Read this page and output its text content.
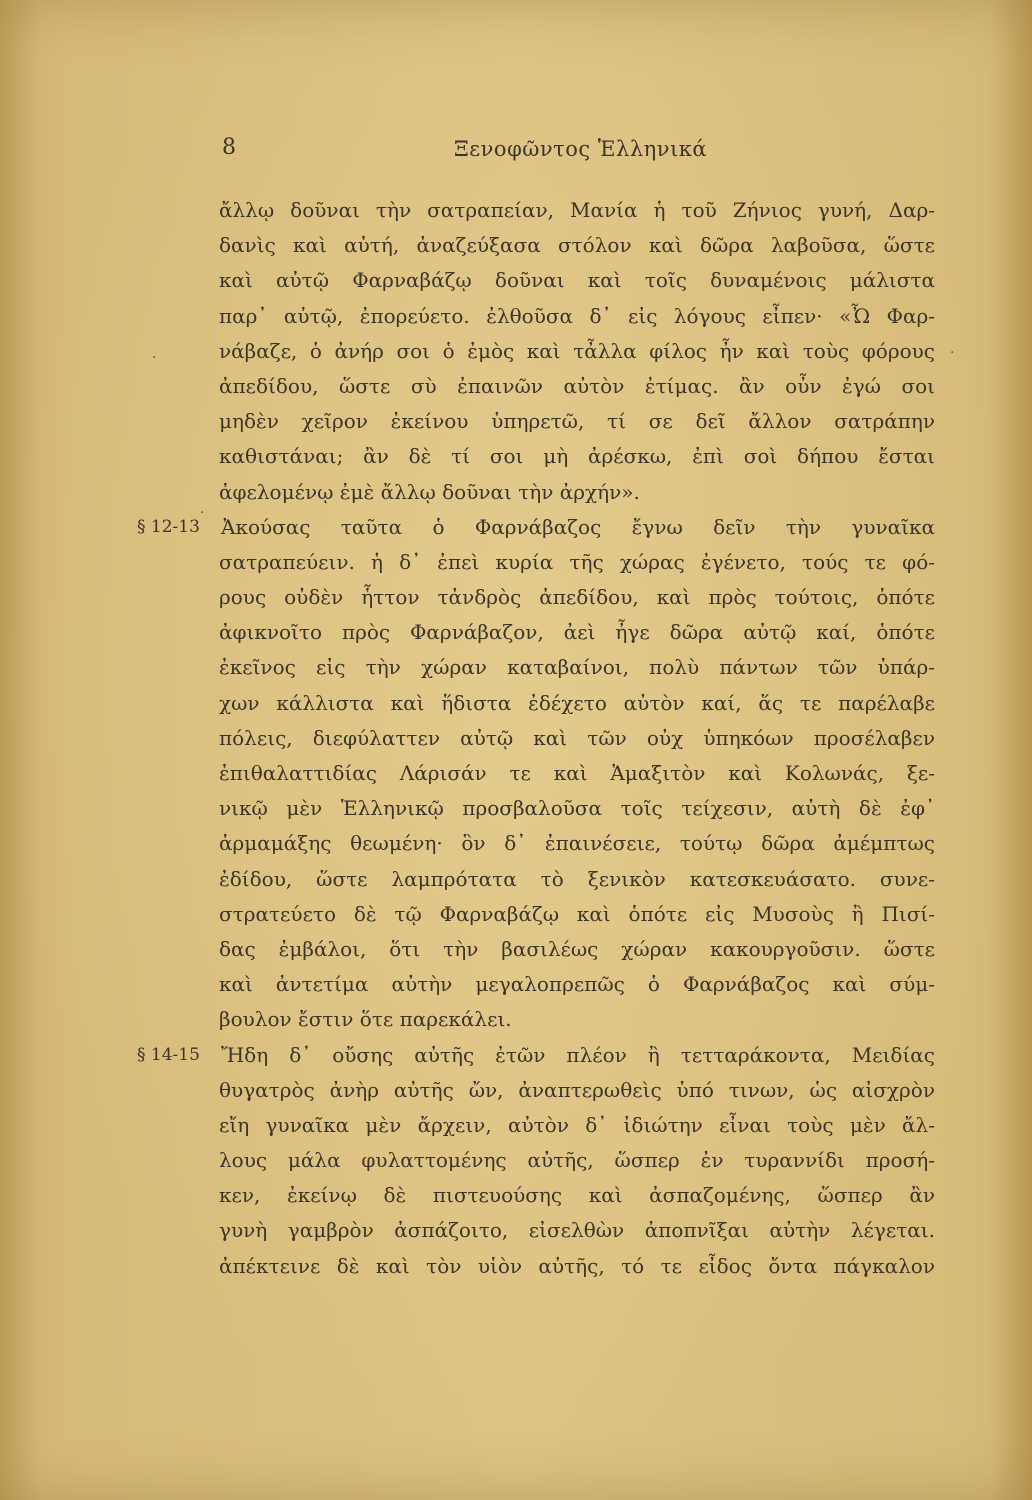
8	Ξενοφῶντος Ἑλληνικά
ἄλλῳ δοῦναι τὴν σατραπείαν, Μανία ἡ τοῦ Ζήνιος γυνή, Δαρ-
δανὶς καὶ αὐτή, ἀναζεύξασα στόλον καὶ δῶρα λαβοῦσα, ὥστε
καὶ αὐτῷ Φαρναβάζῳ δοῦναι καὶ τοῖς δυναμένοις μάλιστα
παρ᾿ αὐτῷ, ἐπορεύετο. ἐλθοῦσα δ᾿ εἰς λόγους εἶπεν· «Ὦ Φαρ-
νάβαζε, ὁ ἀνήρ σοι ὁ ἐμὸς καὶ τἆλλα φίλος ἦν καὶ τοὺς φόρους
ἀπεδίδου, ὥστε σὺ ἐπαινῶν αὐτὸν ἐτίμας. ἂν οὖν ἐγώ σοι
μηδὲν χεῖρον ἐκείνου ὑπηρετῶ, τί σε δεῖ ἄλλον σατράπην
καθιστάναι; ἂν δὲ τί σοι μὴ ἀρέσκω, ἐπὶ σοὶ δήπου ἔσται
ἀφελομένῳ ἐμὲ ἄλλῳ δοῦναι τὴν ἀρχήν».
§ 12-13	Ἀκούσας ταῦτα ὁ Φαρνάβαζος ἔγνω δεῖν τὴν γυναῖκα
σατραπεύειν. ἡ δ᾿ ἐπεὶ κυρία τῆς χώρας ἐγένετο, τούς τε φό-
ρους οὐδὲν ἧττον τἀνδρὸς ἀπεδίδου, καὶ πρὸς τούτοις, ὁπότε
ἀφικνοῖτο πρὸς Φαρνάβαζον, ἀεὶ ἦγε δῶρα αὐτῷ καί, ὁπότε
ἐκεῖνος εἰς τὴν χώραν καταβαίνοι, πολὺ πάντων τῶν ὑπάρ-
χων κάλλιστα καὶ ἥδιστα ἐδέχετο αὐτὸν καί, ἅς τε παρέλαβε
πόλεις, διεφύλαττεν αὐτῷ καὶ τῶν οὐχ ὑπηκόων προσέλαβεν
ἐπιθαλαττιδίας Λάρισάν τε καὶ Ἁμαξιτὸν καὶ Κολωνάς, ξε-
νικῷ μὲν Ἑλληνικῷ προσβαλοῦσα τοῖς τείχεσιν, αὐτὴ δὲ ἐφ᾿
ἁρμαμάξης θεωμένη· ὃν δ᾿ ἐπαινέσειε, τούτῳ δῶρα ἀμέμπτως
ἐδίδου, ὥστε λαμπρότατα τὸ ξενικὸν κατεσκευάσατο. συνε-
στρατεύετο δὲ τῷ Φαρναβάζῳ καὶ ὁπότε εἰς Μυσοὺς ἢ Πισί-
δας ἐμβάλοι, ὅτι τὴν βασιλέως χώραν κακουργοῦσιν. ὥστε
καὶ ἀντετίμα αὐτὴν μεγαλοπρεπῶς ὁ Φαρνάβαζος καὶ σύμ-
βουλον ἔστιν ὅτε παρεκάλει.
§ 14-15	Ἤδη δ᾿ οὔσης αὐτῆς ἐτῶν πλέον ἢ τετταράκοντα, Μειδίας
θυγατρὸς ἀνὴρ αὐτῆς ὤν, ἀναπτερωθεὶς ὑπό τινων, ὡς αἰσχρὸν
εἴη γυναῖκα μὲν ἄρχειν, αὐτὸν δ᾿ ἰδιώτην εἶναι τοὺς μὲν ἄλ-
λους μάλα φυλαττομένης αὐτῆς, ὥσπερ ἐν τυραννίδι προσή-
κεν, ἐκείνῳ δὲ πιστευούσης καὶ ἀσπαζομένης, ὥσπερ ἂν
γυνὴ γαμβρὸν ἀσπάζοιτο, εἰσελθὼν ἀποπνῖξαι αὐτὴν λέγεται.
ἀπέκτεινε δὲ καὶ τὸν υἱὸν αὐτῆς, τό τε εἶδος ὄντα πάγκαλον
·	·
·
